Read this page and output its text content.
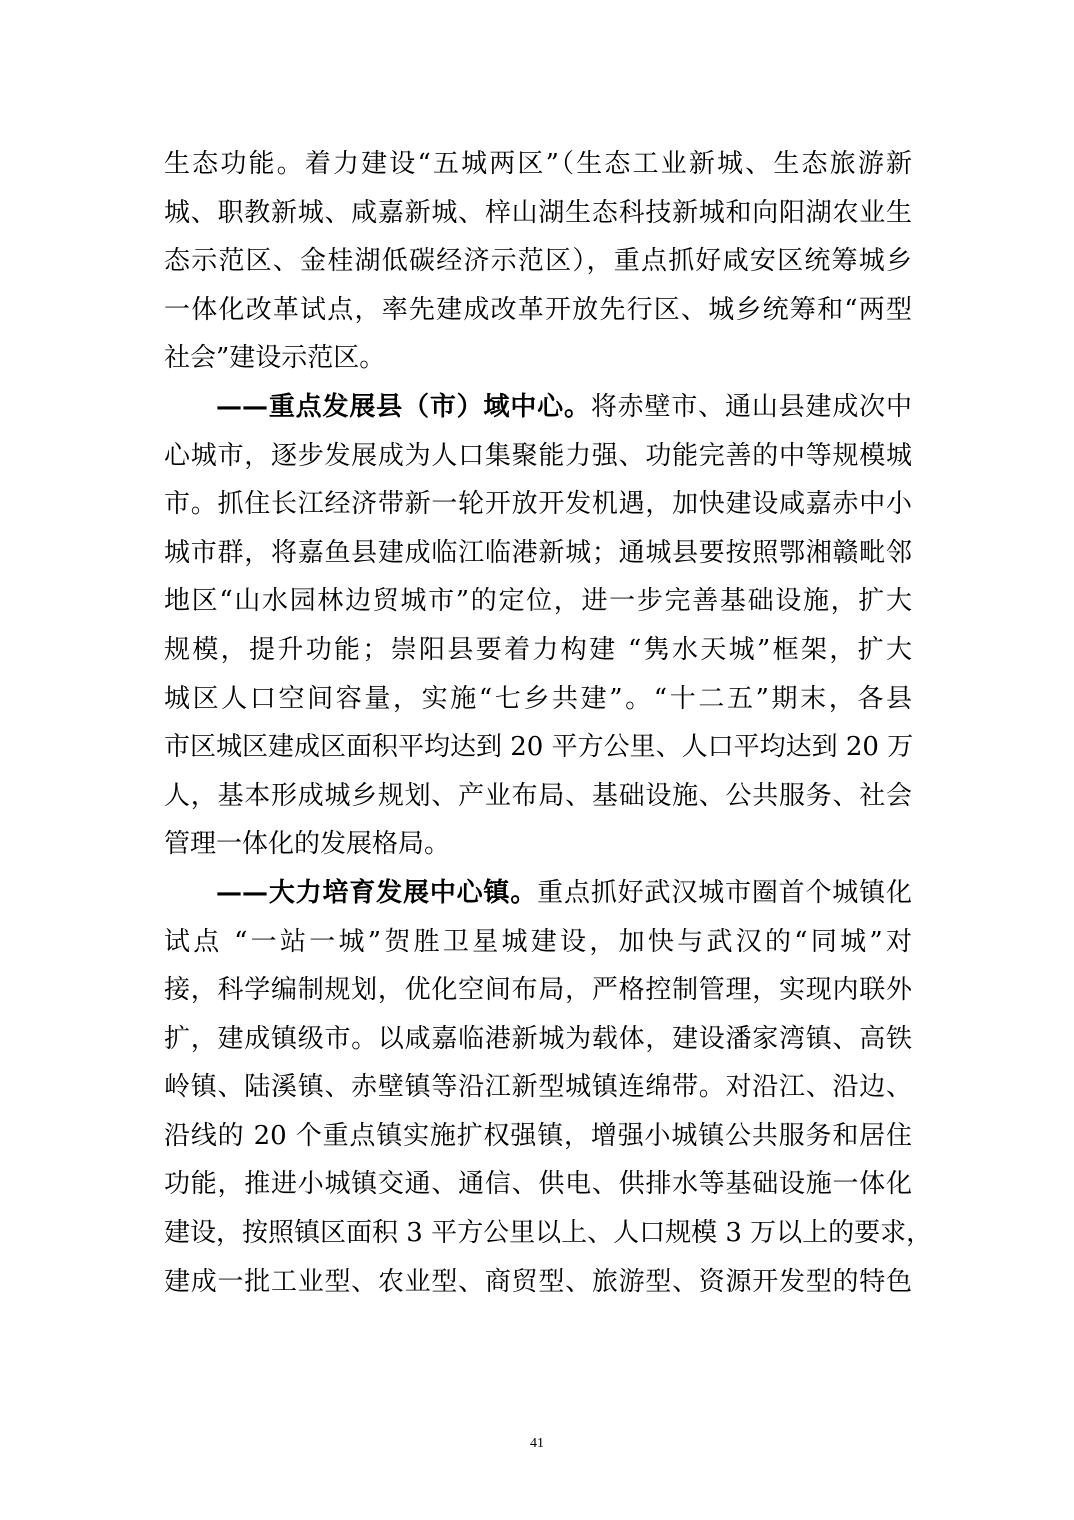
生态功能。着力建设“五城两区”（生态工业新城、生态旅游新
城、职教新城、咸嘉新城、梓山湖生态科技新城和向阳湖农业生
态示范区、金桂湖低碳经济示范区），重点抓好咸安区统筹城乡
一体化改革试点，率先建成改革开放先行区、城乡统筹和“两型
社会”建设示范区。
——重点发展县（市）域中心。将赤壁市、通山县建成次中
心城市，逐步发展成为人口集聚能力强、功能完善的中等规模城
市。抓住长江经济带新一轮开放开发机遇，加快建设咸嘉赤中小
城市群，将嘉鱼县建成临江临港新城；通城县要按照鄂湘赣毗邻
地区“山水园林边贸城市”的定位，进一步完善基础设施，扩大
规模，提升功能；崇阳县要着力构建 “隽水天城”框架，扩大
城区人口空间容量，实施“七乡共建”。“十二五”期末，各县
市区城区建成区面积平均达到 20 平方公里、人口平均达到 20 万
人，基本形成城乡规划、产业布局、基础设施、公共服务、社会
管理一体化的发展格局。
——大力培育发展中心镇。重点抓好武汉城市圈首个城镇化
试点 “一站一城”贺胜卫星城建设，加快与武汉的“同城”对
接，科学编制规划，优化空间布局，严格控制管理，实现内联外
扩，建成镇级市。以咸嘉临港新城为载体，建设潘家湾镇、高铁
岭镇、陆溪镇、赤壁镇等沿江新型城镇连绵带。对沿江、沿边、
沿线的 20 个重点镇实施扩权强镇，增强小城镇公共服务和居住
功能，推进小城镇交通、通信、供电、供排水等基础设施一体化
建设，按照镇区面积 3 平方公里以上、人口规模 3 万以上的要求，
建成一批工业型、农业型、商贸型、旅游型、资源开发型的特色
41
